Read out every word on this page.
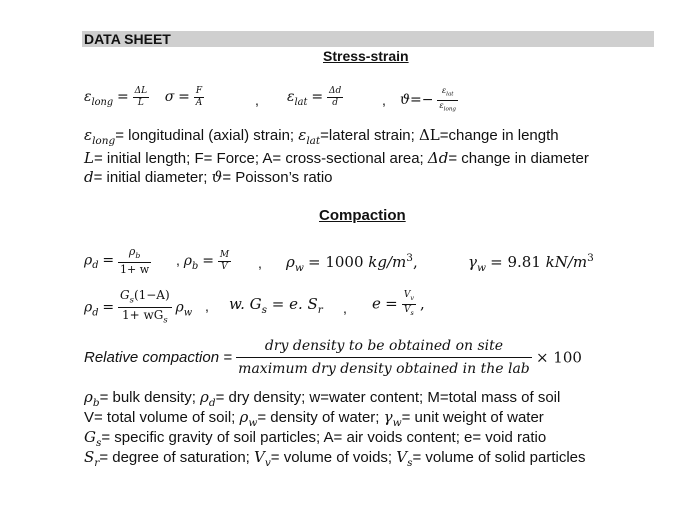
DATA SHEET
Stress-strain
$\varepsilon_{long} = \frac{\Delta L}{L}$ $\sigma = \frac{F}{A}$	, $\varepsilon_{lat} = \frac{\Delta d}{d}$	, $ϑ=- \frac{\varepsilon_{lat}}{\varepsilon_{long}}$
$\varepsilon_{long}=$ longitudinal (axial) strain; $\varepsilon_{lat}=lateral$ strain; ΔL=change in length
L= initial length; F= Force; A= cross-sectional area; Δd= change in diameter
d= initial diameter; ϑ= Poisson’s ratio
Compaction
$\rho_d = \frac{\rho_b}{1+ w}$ , $\rho_b = \frac{M}{V}$ , $\rho_w = 1000$ $kg/m^3$,	$\gamma_w = 9.81$ $kN/m^3$
$\rho_d = \frac{G_s(1-A)}{1+ wG_s} \rho_w$ , w. $G_s = e$. $S_r$ , $e = \frac{V_v}{V_s}$ ,
Relative compaction = $\frac{\text{dry density to be obtained on site}}{\text{maximum dry density obtained in the lab}} \times 100$
$\rho_b=$ bulk density; $\rho_d=$ dry density; w=water content; M=total mass of soil
V= total volume of soil; $\rho_w=$ density of water; $\gamma_w=$ unit weight of water
$G_s=$ specific gravity of soil particles; A= air voids content; e= void ratio
$S_r=$ degree of saturation; $V_v=$ volume of voids; $V_s=$ volume of solid particles
